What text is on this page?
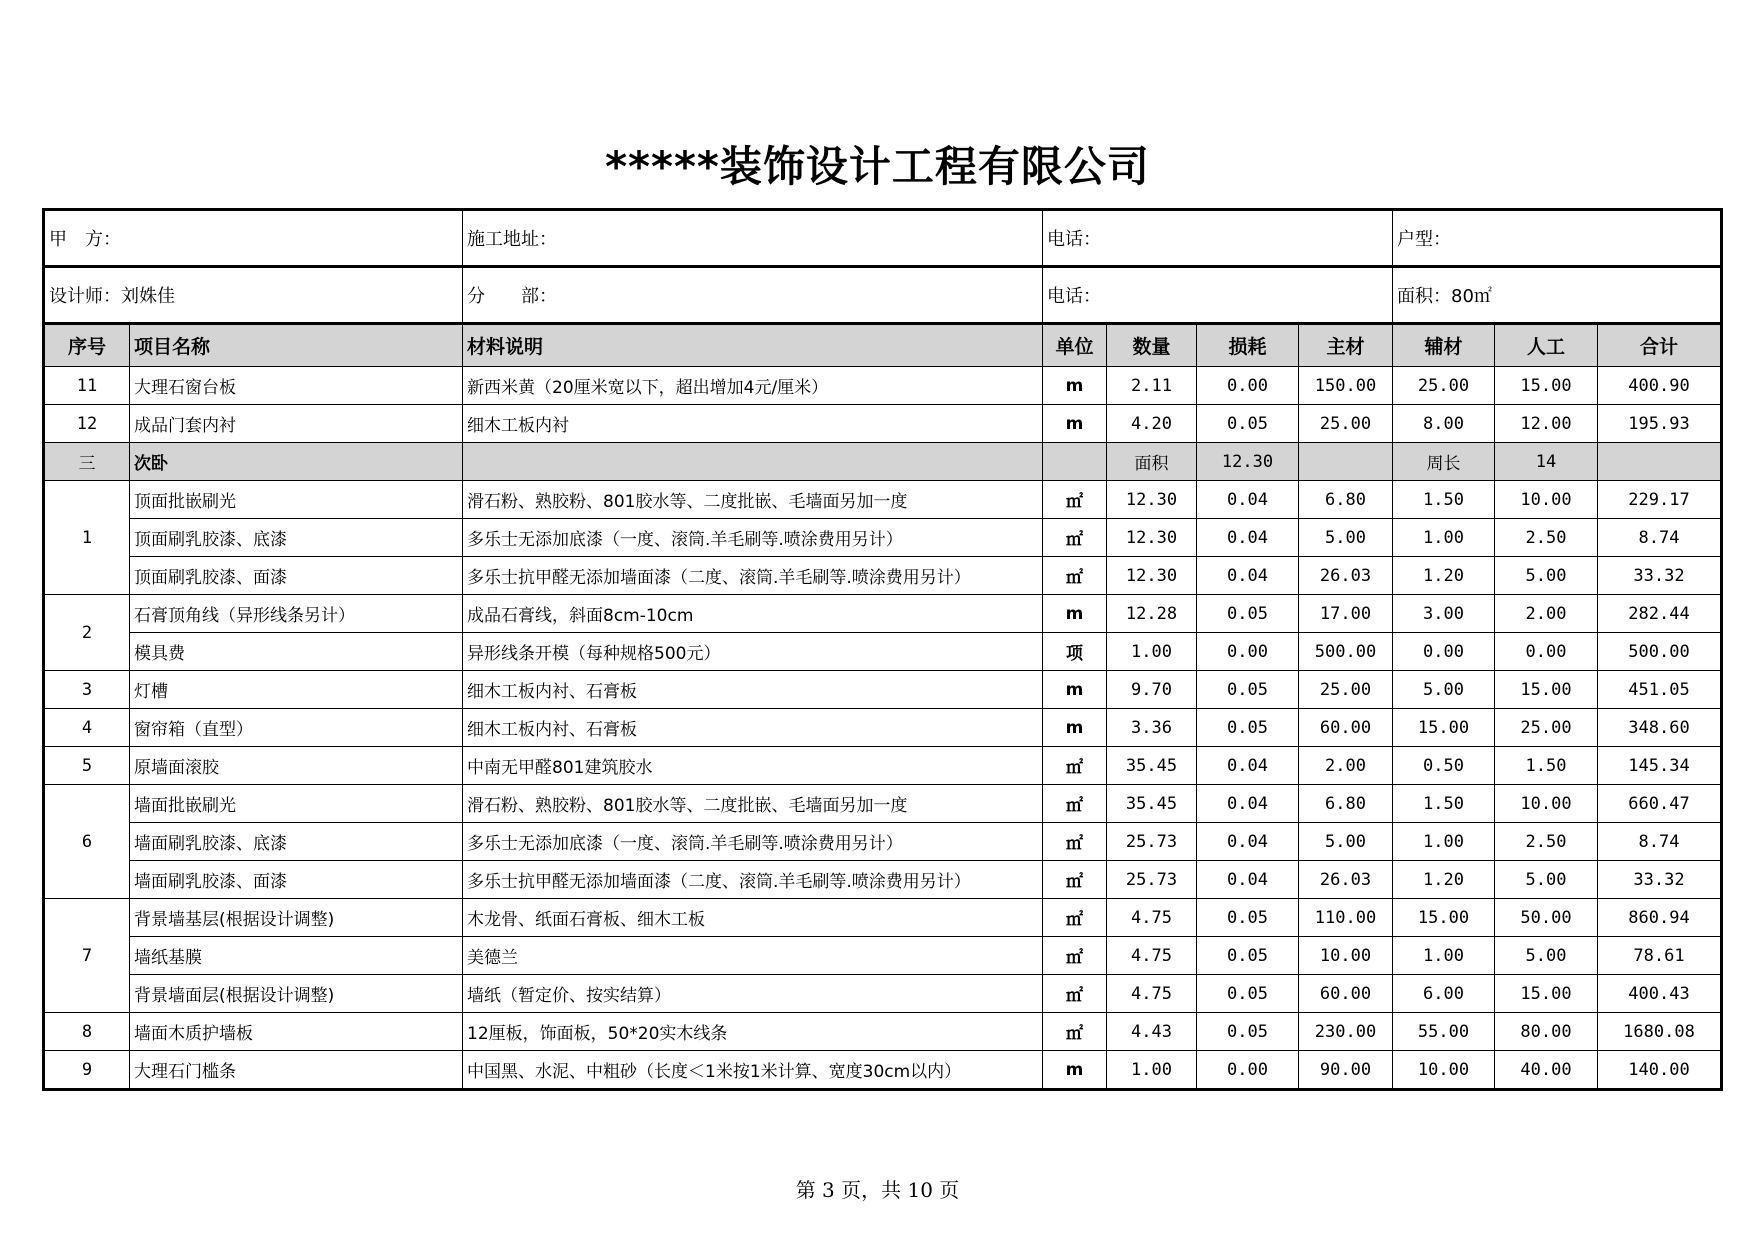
*****装饰设计工程有限公司
甲　方：		施工地址：	电话：				户型：		
设计师：刘姝佳		分　　部：	电话：				面积：80㎡		
序号	项目名称	材料说明	单位	数量	损耗	主材	辅材	人工	合计
11	大理石窗台板	新西米黄（20厘米宽以下，超出增加4元/厘米）	m	2.11	0.00	150.00	25.00	15.00	400.90
12	成品门套内衬	细木工板内衬	m	4.20	0.05	25.00	8.00	12.00	195.93
三	次卧			面积	12.30		周长	14	
1	顶面批嵌刷光	滑石粉、熟胶粉、801胶水等、二度批嵌、毛墙面另加一度	㎡	12.30	0.04	6.80	1.50	10.00	229.17
	顶面刷乳胶漆、底漆	多乐士无添加底漆（一度、滚筒.羊毛刷等.喷涂费用另计）	㎡	12.30	0.04	5.00	1.00	2.50	8.74
	顶面刷乳胶漆、面漆	多乐士抗甲醛无添加墙面漆（二度、滚筒.羊毛刷等.喷涂费用另计）	㎡	12.30	0.04	26.03	1.20	5.00	33.32
2	石膏顶角线（异形线条另计）	成品石膏线，斜面8cm-10cm	m	12.28	0.05	17.00	3.00	2.00	282.44
	模具费	异形线条开模（每种规格500元）	项	1.00	0.00	500.00	0.00	0.00	500.00
3	灯槽	细木工板内衬、石膏板	m	9.70	0.05	25.00	5.00	15.00	451.05
4	窗帘箱（直型）	细木工板内衬、石膏板	m	3.36	0.05	60.00	15.00	25.00	348.60
5	原墙面滚胶	中南无甲醛801建筑胶水	㎡	35.45	0.04	2.00	0.50	1.50	145.34
6	墙面批嵌刷光	滑石粉、熟胶粉、801胶水等、二度批嵌、毛墙面另加一度	㎡	35.45	0.04	6.80	1.50	10.00	660.47
	墙面刷乳胶漆、底漆	多乐士无添加底漆（一度、滚筒.羊毛刷等.喷涂费用另计）	㎡	25.73	0.04	5.00	1.00	2.50	8.74
	墙面刷乳胶漆、面漆	多乐士抗甲醛无添加墙面漆（二度、滚筒.羊毛刷等.喷涂费用另计）	㎡	25.73	0.04	26.03	1.20	5.00	33.32
7	背景墙基层(根据设计调整)	木龙骨、纸面石膏板、细木工板	㎡	4.75	0.05	110.00	15.00	50.00	860.94
	墙纸基膜	美德兰	㎡	4.75	0.05	10.00	1.00	5.00	78.61
	背景墙面层(根据设计调整)	墙纸（暂定价、按实结算）	㎡	4.75	0.05	60.00	6.00	15.00	400.43
8	墙面木质护墙板	12厘板，饰面板，50*20实木线条	㎡	4.43	0.05	230.00	55.00	80.00	1680.08
9	大理石门槛条	中国黑、水泥、中粗砂（长度＜1米按1米计算、宽度30cm以内）	m	1.00	0.00	90.00	10.00	40.00	140.00
第 3 页，共 10 页
